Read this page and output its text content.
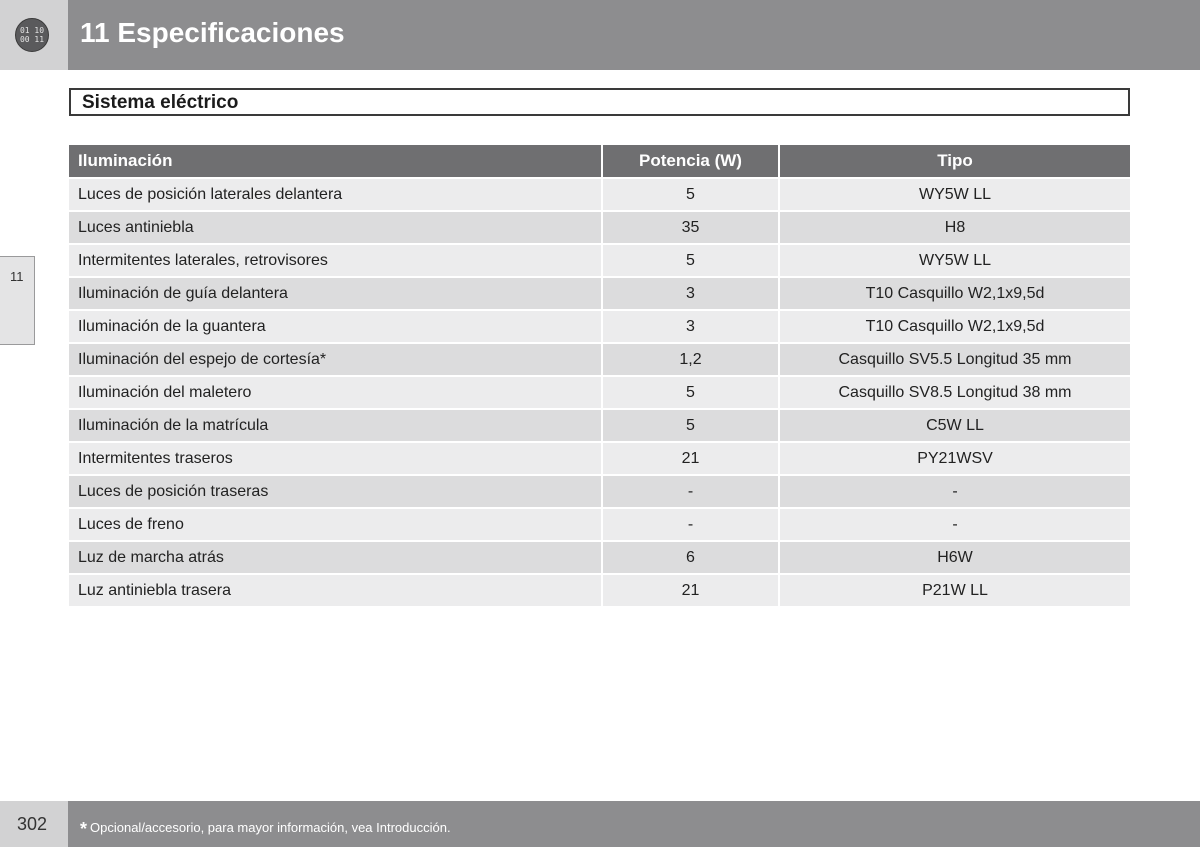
01 10
00 11 11 Especificaciones
Sistema eléctrico
11
Iluminación	Potencia (W)	Tipo
Luces de posición laterales delantera	5	WY5W LL
Luces antiniebla	35	H8
Intermitentes laterales, retrovisores	5	WY5W LL
Iluminación de guía delantera	3	T10 Casquillo W2,1x9,5d
Iluminación de la guantera	3	T10 Casquillo W2,1x9,5d
Iluminación del espejo de cortesía*	1,2	Casquillo SV5.5 Longitud 35 mm
Iluminación del maletero	5	Casquillo SV8.5 Longitud 38 mm
Iluminación de la matrícula	5	C5W LL
Intermitentes traseros	21	PY21WSV
Luces de posición traseras	-	-
Luces de freno	-	-
Luz de marcha atrás	6	H6W
Luz antiniebla trasera	21	P21W LL
302 * Opcional/accesorio, para mayor información, vea Introducción.
